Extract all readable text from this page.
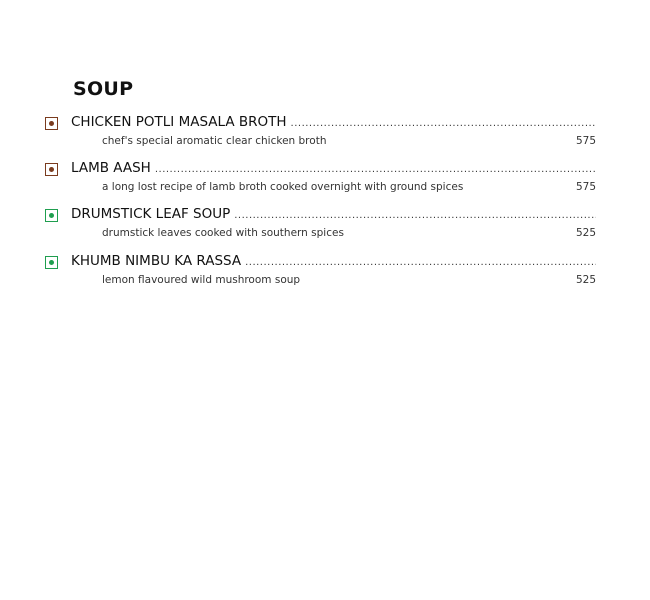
SOUP
CHICKEN POTLI MASALA BROTH
.....
chef's special aromatic clear chicken broth	575
LAMB AASH
.....
a long lost recipe of lamb broth cooked overnight with ground spices	575
DRUMSTICK LEAF SOUP
.....
drumstick leaves cooked with southern spices	525
KHUMB NIMBU KA RASSA
.....
lemon flavoured wild mushroom soup	525
